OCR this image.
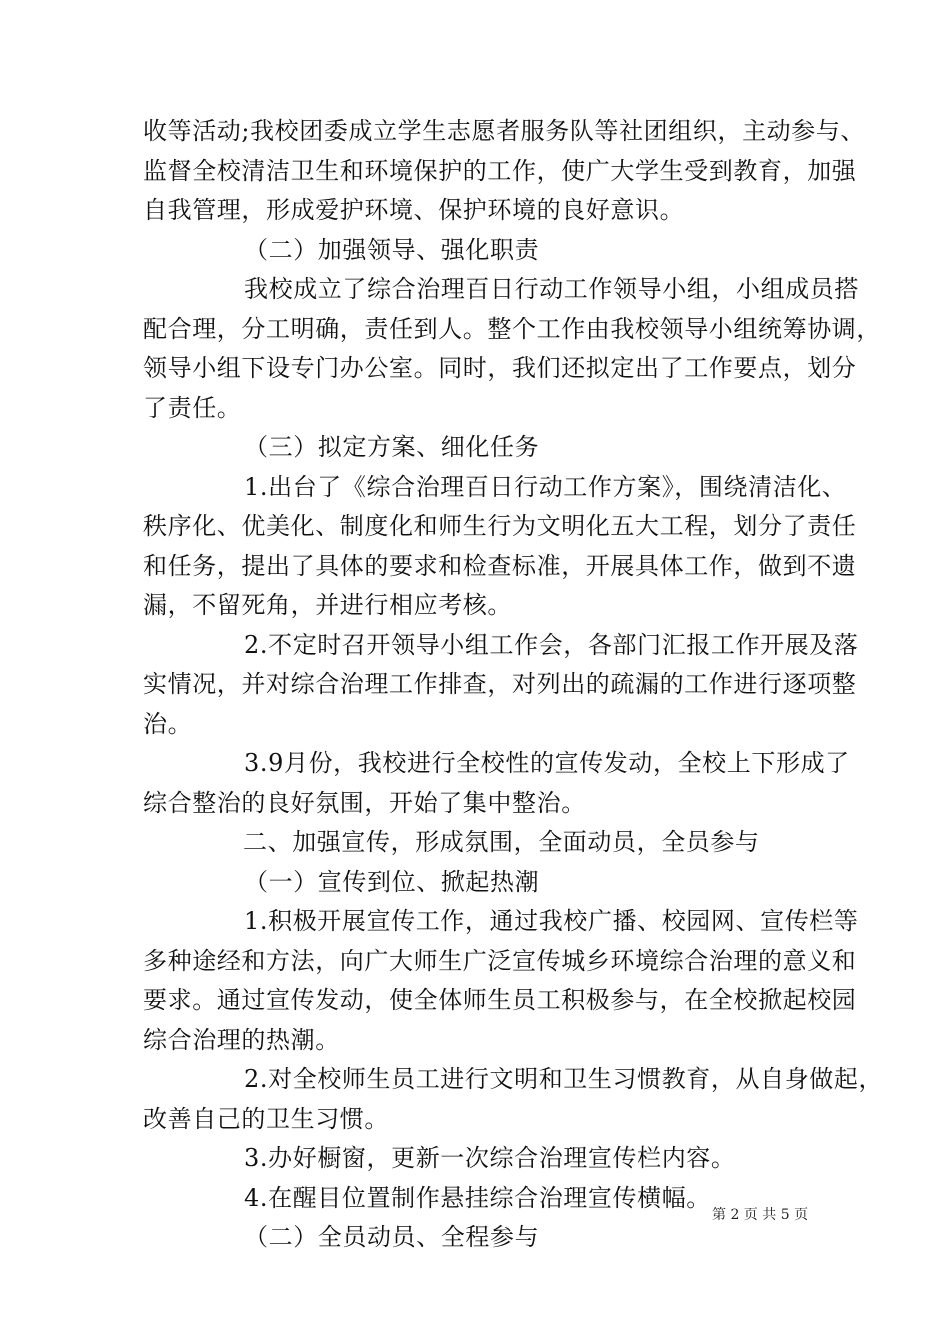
收等活动;我校团委成立学生志愿者服务队等社团组织，主动参与、
监督全校清洁卫生和环境保护的工作，使广大学生受到教育，加强
自我管理，形成爱护环境、保护环境的良好意识。
（二）加强领导、强化职责
我校成立了综合治理百日行动工作领导小组，小组成员搭
配合理，分工明确，责任到人。整个工作由我校领导小组统筹协调，
领导小组下设专门办公室。同时，我们还拟定出了工作要点，划分
了责任。
（三）拟定方案、细化任务
1.出台了《综合治理百日行动工作方案》，围绕清洁化、
秩序化、优美化、制度化和师生行为文明化五大工程，划分了责任
和任务，提出了具体的要求和检查标准，开展具体工作，做到不遗
漏，不留死角，并进行相应考核。
2.不定时召开领导小组工作会，各部门汇报工作开展及落
实情况，并对综合治理工作排查，对列出的疏漏的工作进行逐项整
治。
3.9月份，我校进行全校性的宣传发动，全校上下形成了
综合整治的良好氛围，开始了集中整治。
二、加强宣传，形成氛围，全面动员，全员参与
（一）宣传到位、掀起热潮
1.积极开展宣传工作，通过我校广播、校园网、宣传栏等
多种途经和方法，向广大师生广泛宣传城乡环境综合治理的意义和
要求。通过宣传发动，使全体师生员工积极参与，在全校掀起校园
综合治理的热潮。
2.对全校师生员工进行文明和卫生习惯教育，从自身做起，
改善自己的卫生习惯。
3.办好橱窗，更新一次综合治理宣传栏内容。
4.在醒目位置制作悬挂综合治理宣传横幅。
（二）全员动员、全程参与
第 2 页 共 5 页
